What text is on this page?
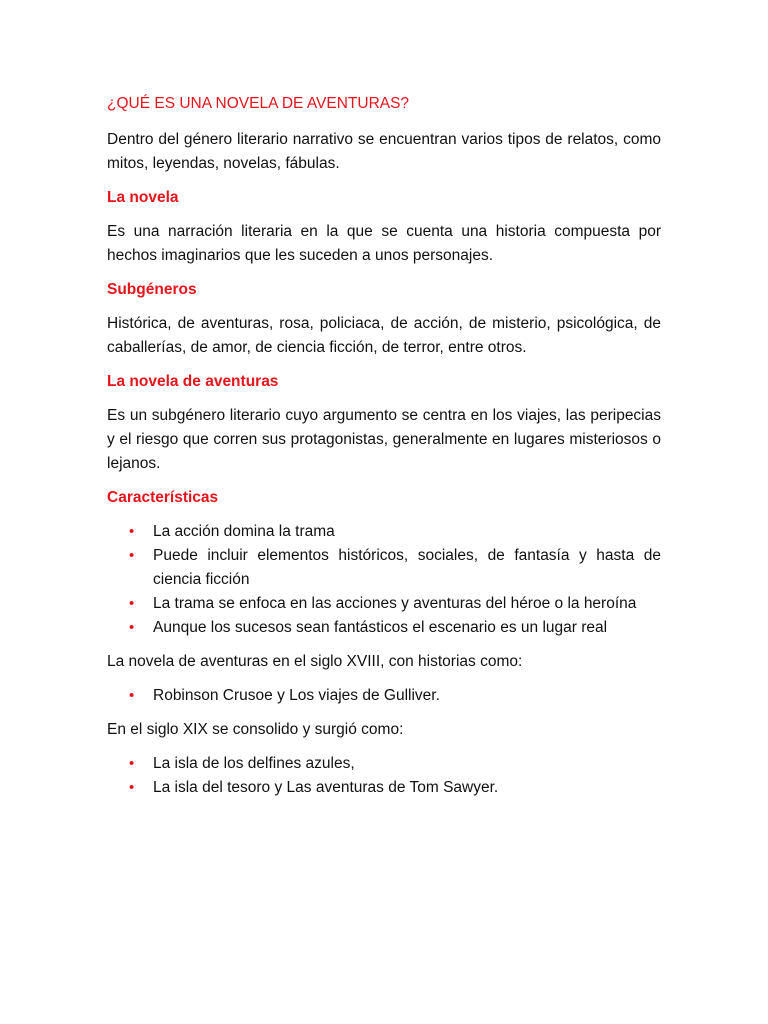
¿QUÉ ES UNA NOVELA DE AVENTURAS?

Dentro del género literario narrativo se encuentran varios tipos de relatos, como mitos, leyendas, novelas, fábulas.

La novela

Es una narración literaria en la que se cuenta una historia compuesta por hechos imaginarios que les suceden a unos personajes.

Subgéneros

Histórica, de aventuras, rosa, policiaca, de acción, de misterio, psicológica, de caballerías, de amor, de ciencia ficción, de terror, entre otros.

La novela de aventuras

Es un subgénero literario cuyo argumento se centra en los viajes, las peripecias y el riesgo que corren sus protagonistas, generalmente en lugares misteriosos o lejanos.

Características
• La acción domina la trama
• Puede incluir elementos históricos, sociales, de fantasía y hasta de ciencia ficción
• La trama se enfoca en las acciones y aventuras del héroe o la heroína
• Aunque los sucesos sean fantásticos el escenario es un lugar real

La novela de aventuras en el siglo XVIII, con historias como:

• Robinson Crusoe y Los viajes de Gulliver.

En el siglo XIX se consolido y surgió como:

• La isla de los delfines azules,
• La isla del tesoro y Las aventuras de Tom Sawyer.
